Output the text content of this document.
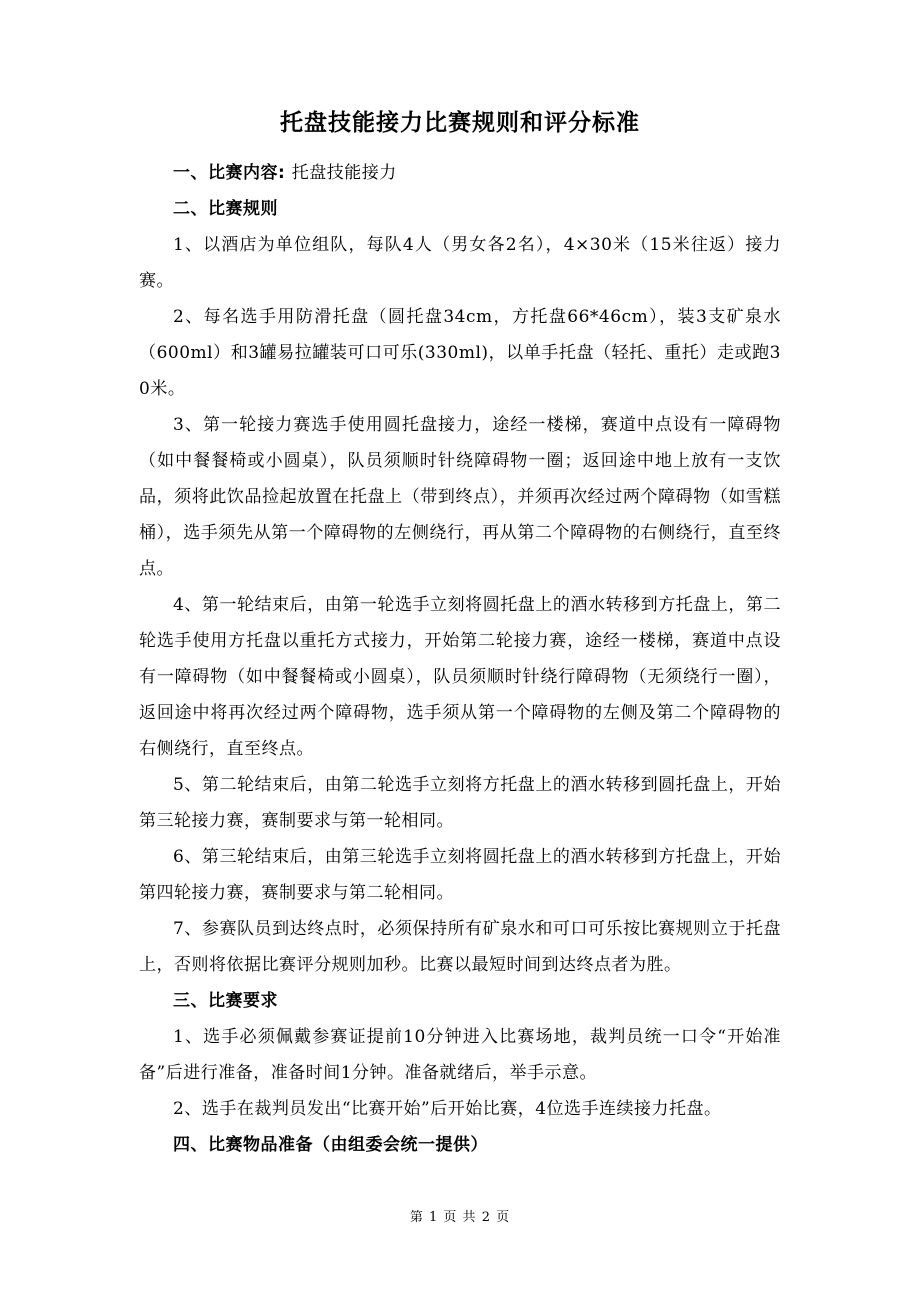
托盘技能接力比赛规则和评分标准

一、比赛内容: 托盘技能接力

二、比赛规则

1、以酒店为单位组队，每队4人（男女各2名），4×30米（15米往返）接力赛。

2、每名选手用防滑托盘（圆托盘34cm，方托盘66*46cm），装3支矿泉水（600ml）和3罐易拉罐装可口可乐(330ml)，以单手托盘（轻托、重托）走或跑30米。

3、第一轮接力赛选手使用圆托盘接力，途经一楼梯，赛道中点设有一障碍物（如中餐餐椅或小圆桌），队员须顺时针绕障碍物一圈；返回途中地上放有一支饮品，须将此饮品捡起放置在托盘上（带到终点），并须再次经过两个障碍物（如雪糕桶），选手须先从第一个障碍物的左侧绕行，再从第二个障碍物的右侧绕行，直至终点。

4、第一轮结束后，由第一轮选手立刻将圆托盘上的酒水转移到方托盘上，第二轮选手使用方托盘以重托方式接力，开始第二轮接力赛，途经一楼梯，赛道中点设有一障碍物（如中餐餐椅或小圆桌），队员须顺时针绕行障碍物（无须绕行一圈），返回途中将再次经过两个障碍物，选手须从第一个障碍物的左侧及第二个障碍物的右侧绕行，直至终点。

5、第二轮结束后，由第二轮选手立刻将方托盘上的酒水转移到圆托盘上，开始第三轮接力赛，赛制要求与第一轮相同。

6、第三轮结束后，由第三轮选手立刻将圆托盘上的酒水转移到方托盘上，开始第四轮接力赛，赛制要求与第二轮相同。

7、参赛队员到达终点时，必须保持所有矿泉水和可口可乐按比赛规则立于托盘上，否则将依据比赛评分规则加秒。比赛以最短时间到达终点者为胜。

三、比赛要求

1、选手必须佩戴参赛证提前10分钟进入比赛场地，裁判员统一口令“开始准备”后进行准备，准备时间1分钟。准备就绪后，举手示意。

2、选手在裁判员发出“比赛开始”后开始比赛，4位选手连续接力托盘。

四、比赛物品准备（由组委会统一提供）

第 1 页 共 2 页
